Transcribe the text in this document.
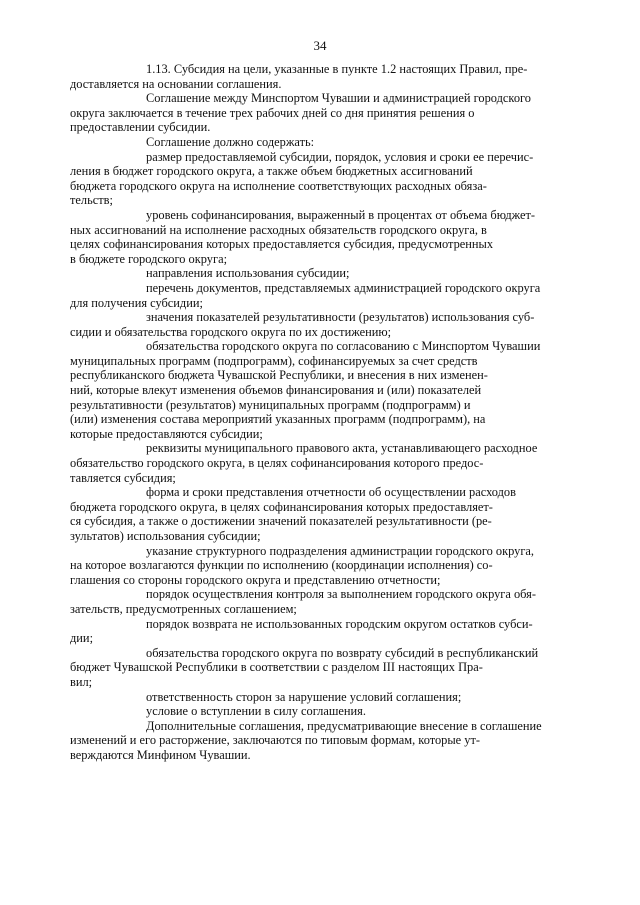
34

1.13. Субсидия на цели, указанные в пункте 1.2 настоящих Правил, пре-
доставляется на основании соглашения.

Соглашение между Минспортом Чувашии и администрацией городского
округа заключается в течение трех рабочих дней со дня принятия решения о
предоставлении субсидии.

Соглашение должно содержать:

размер предоставляемой субсидии, порядок, условия и сроки ее перечис-
ления в бюджет городского округа, а также объем бюджетных ассигнований
бюджета городского округа на исполнение соответствующих расходных обяза-
тельств;

уровень софинансирования, выраженный в процентах от объема бюджет-
ных ассигнований на исполнение расходных обязательств городского округа, в
целях софинансирования которых предоставляется субсидия, предусмотренных
в бюджете городского округа;

направления использования субсидии;

перечень документов, представляемых администрацией городского округа
для получения субсидии;

значения показателей результативности (результатов) использования суб-
сидии и обязательства городского округа по их достижению;

обязательства городского округа по согласованию с Минспортом Чувашии
муниципальных программ (подпрограмм), софинансируемых за счет средств
республиканского бюджета Чувашской Республики, и внесения в них изменен-
ний, которые влекут изменения объемов финансирования и (или) показателей
результативности (результатов) муниципальных программ (подпрограмм) и
(или) изменения состава мероприятий указанных программ (подпрограмм), на
которые предоставляются субсидии;

реквизиты муниципального правового акта, устанавливающего расходное
обязательство городского округа, в целях софинансирования которого предос-
тавляется субсидия;

форма и сроки представления отчетности об осуществлении расходов
бюджета городского округа, в целях софинансирования которых предоставляет-
ся субсидия, а также о достижении значений показателей результативности (ре-
зультатов) использования субсидии;

указание структурного подразделения администрации городского округа,
на которое возлагаются функции по исполнению (координации исполнения) со-
глашения со стороны городского округа и представлению отчетности;

порядок осуществления контроля за выполнением городского округа обя-
зательств, предусмотренных соглашением;

порядок возврата не использованных городским округом остатков субси-
дии;

обязательства городского округа по возврату субсидий в республиканский
бюджет Чувашской Республики в соответствии с разделом III настоящих Пра-
вил;

ответственность сторон за нарушение условий соглашения;

условие о вступлении в силу соглашения.

Дополнительные соглашения, предусматривающие внесение в соглашение
изменений и его расторжение, заключаются по типовым формам, которые ут-
верждаются Минфином Чувашии.
